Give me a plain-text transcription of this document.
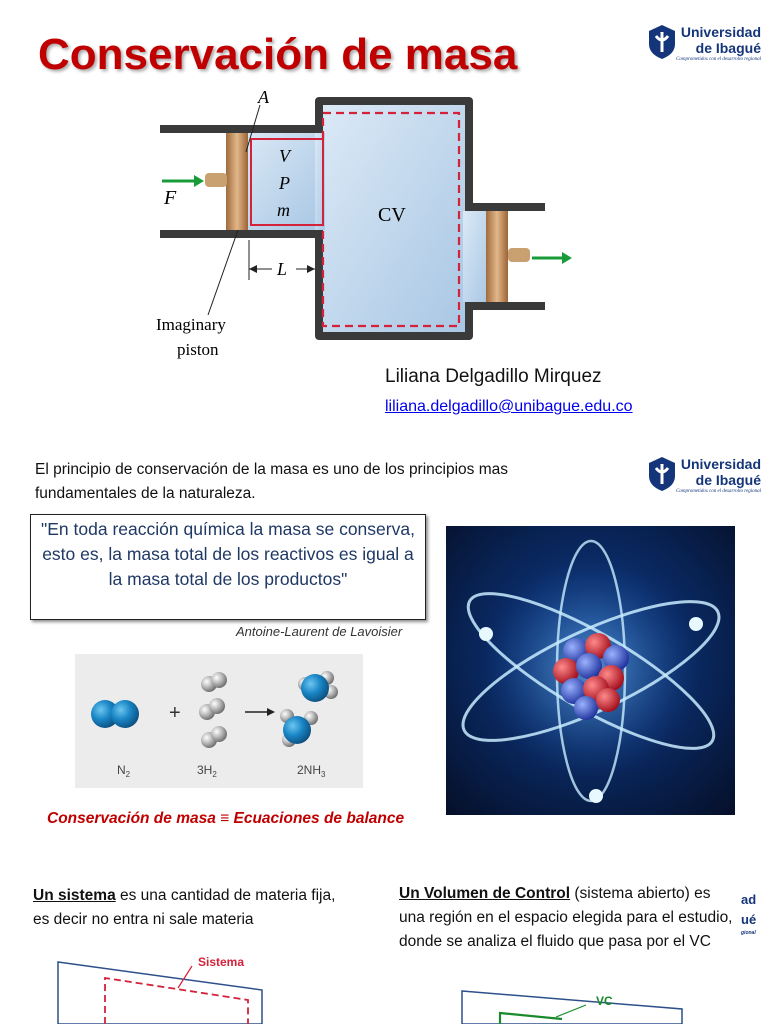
Conservación de masa	Universidad
de Ibagué
Comprometidos con el desarrollo regional
A
V
P
m	CV
F
L
Imaginary
piston
Liliana Delgadillo Mirquez
liliana.delgadillo@unibague.edu.co
El principio de conservación de la masa es uno de los principios mas fundamentales de la naturaleza.
Universidad
de Ibagué
Comprometidos con el desarrollo regional
"En toda reacción química la masa se conserva, esto es, la masa total de los reactivos es igual a la masa total de los productos"
Antoine-Laurent de Lavoisier
+
$N_2$	$3H_2$	$2NH_3$
Conservación de masa ≡ Ecuaciones de balance
Un sistema es una cantidad de materia fija, es decir no entra ni sale materia
Un Volumen de Control (sistema abierto) es una región en el espacio elegida para el estudio, donde se analiza el fluido que pasa por el VC
ad
ué
gional
Sistema
VC
